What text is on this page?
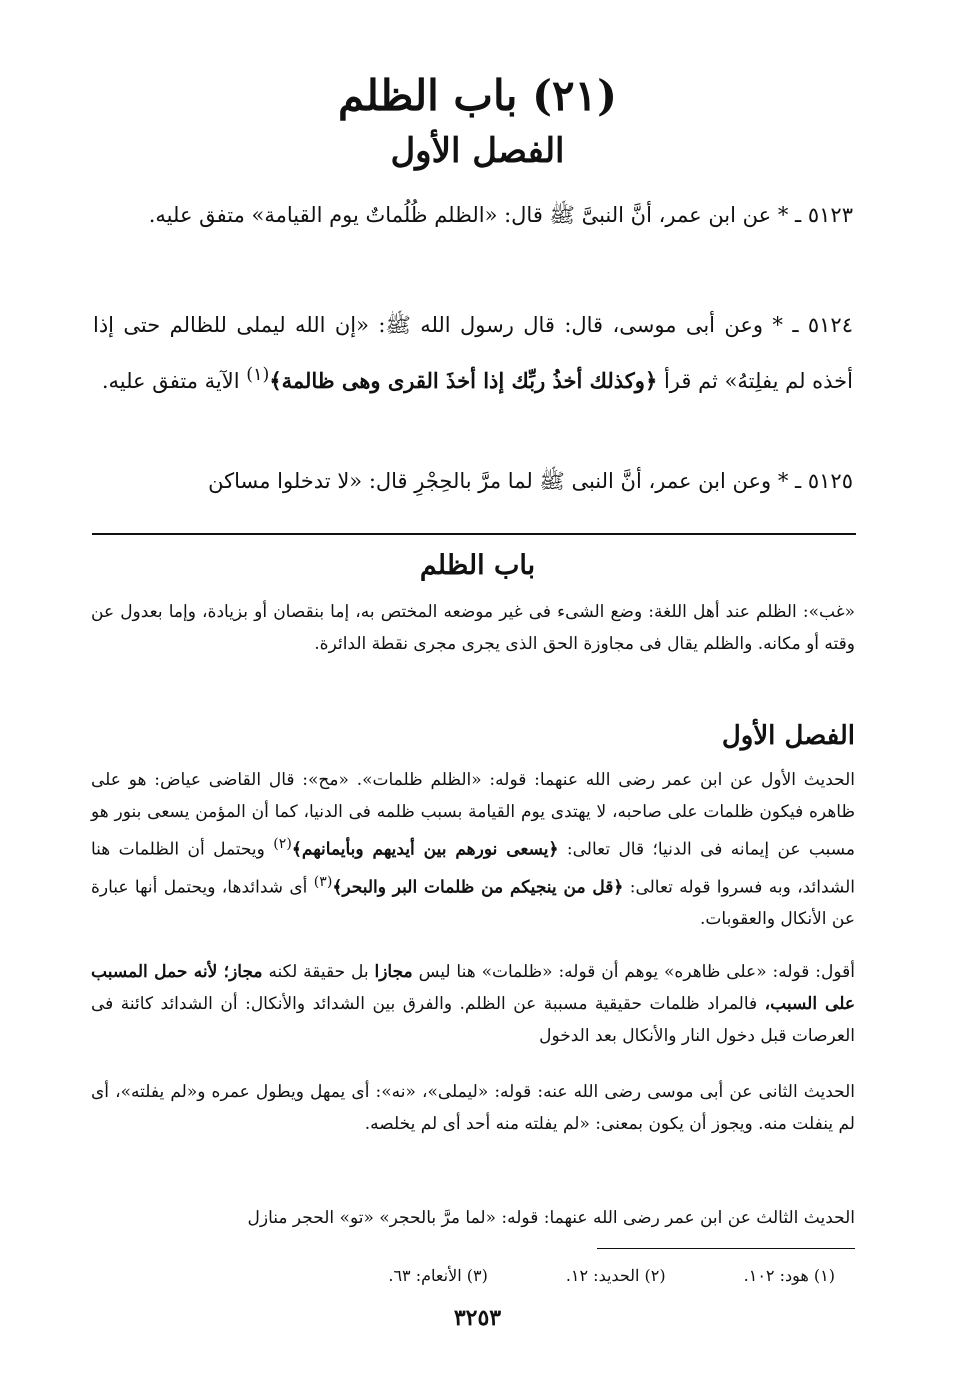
(٢١) باب الظلم
الفصل الأول

٥١٢٣ ـ * عن ابن عمر، أنَّ النبىَّ ﷺ قال: «الظلم ظُلُماتٌ يوم القيامة» متفق عليه.

٥١٢٤ ـ * وعن أبى موسى، قال: قال رسول الله ﷺ: «إن الله ليملى للظالم حتى إذا أخذه لم يفلِتهُ» ثم قرأ ﴿وكذلك أخذُ ربِّك إذا أخذَ القرى وهى ظالمة﴾$^{(١)}$ الآية متفق عليه.

٥١٢٥ ـ * وعن ابن عمر، أنَّ النبى ﷺ لما مرَّ بالحِجْرِ قال: «لا تدخلوا مساكن

باب الظلم

«غب»: الظلم عند أهل اللغة: وضع الشىء فى غير موضعه المختص به، إما بنقصان أو بزيادة، وإما بعدول عن وقته أو مكانه. والظلم يقال فى مجاوزة الحق الذى يجرى مجرى نقطة الدائرة.

الفصل الأول

الحديث الأول عن ابن عمر رضى الله عنهما: قوله: «الظلم ظلمات». «مح»: قال القاضى عياض: هو على ظاهره فيكون ظلمات على صاحبه، لا يهتدى يوم القيامة بسبب ظلمه فى الدنيا، كما أن المؤمن يسعى بنور هو مسبب عن إيمانه فى الدنيا؛ قال تعالى: ﴿يسعى نورهم بين أيديهم وبأيمانهم﴾$^{(٢)}$ ويحتمل أن الظلمات هنا الشدائد، وبه فسروا قوله تعالى: ﴿قل من ينجيكم من ظلمات البر والبحر﴾$^{(٣)}$ أى شدائدها، ويحتمل أنها عبارة عن الأنكال والعقوبات.

أقول: قوله: «على ظاهره» يوهم أن قوله: «ظلمات» هنا ليس مجازا بل حقيقة لكنه مجاز؛ لأنه حمل المسبب على السبب، فالمراد ظلمات حقيقية مسببة عن الظلم. والفرق بين الشدائد والأنكال: أن الشدائد كائنة فى العرصات قبل دخول النار والأنكال بعد الدخول

الحديث الثانى عن أبى موسى رضى الله عنه: قوله: «ليملى»، «نه»: أى يمهل ويطول عمره و«لم يفلته»، أى لم ينفلت منه. ويجوز أن يكون بمعنى: «لم يفلته منه أحد أى لم يخلصه.

الحديث الثالث عن ابن عمر رضى الله عنهما: قوله: «لما مرَّ بالحجر» «تو» الحجر منازل

(١) هود: ١٠٢.
(٢) الحديد: ١٢.
(٣) الأنعام: ٦٣.
٣٢٥٣
